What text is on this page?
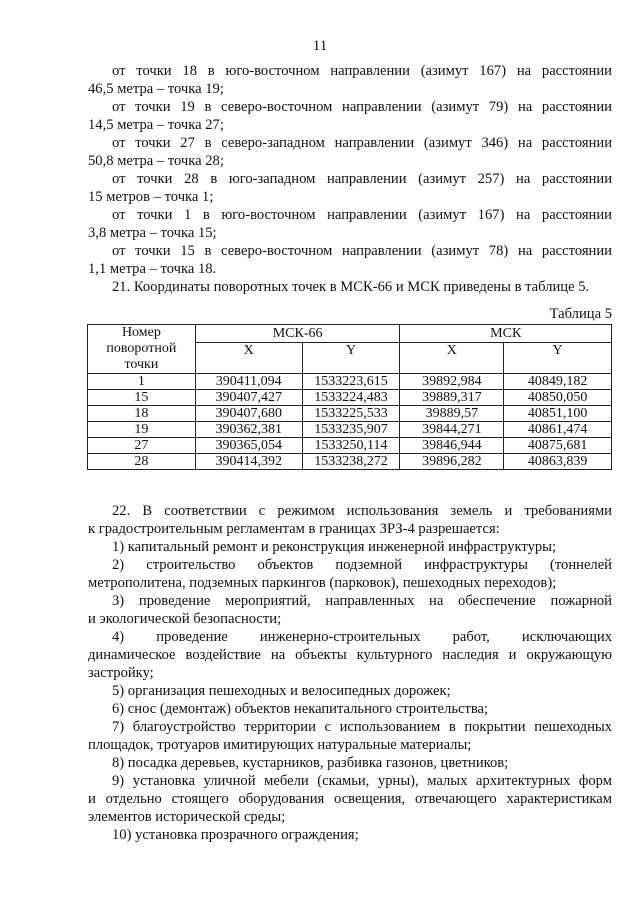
11
от точки 18 в юго-восточном направлении (азимут 167) на расстоянии
46,5 метра – точка 19;
от точки 19 в северо-восточном направлении (азимут 79) на расстоянии
14,5 метра – точка 27;
от точки 27 в северо-западном направлении (азимут 346) на расстоянии
50,8 метра – точка 28;
от точки 28 в юго-западном направлении (азимут 257) на расстоянии
15 метров – точка 1;
от точки 1 в юго-восточном направлении (азимут 167) на расстоянии
3,8 метра – точка 15;
от точки 15 в северо-восточном направлении (азимут 78) на расстоянии
1,1 метра – точка 18.
21. Координаты поворотных точек в МСК-66 и МСК приведены в таблице 5.
Таблица 5
Номер
поворотной
точки	МСК-66		МСК	
	X	Y	X	Y
1	390411,094	1533223,615	39892,984	40849,182
15	390407,427	1533224,483	39889,317	40850,050
18	390407,680	1533225,533	39889,57	40851,100
19	390362,381	1533235,907	39844,271	40861,474
27	390365,054	1533250,114	39846,944	40875,681
28	390414,392	1533238,272	39896,282	40863,839
22. В соответствии с режимом использования земель и требованиями
к градостроительным регламентам в границах ЗРЗ-4 разрешается:
1) капитальный ремонт и реконструкция инженерной инфраструктуры;
2) строительство объектов подземной инфраструктуры (тоннелей
метрополитена, подземных паркингов (парковок), пешеходных переходов);
3) проведение мероприятий, направленных на обеспечение пожарной
и экологической безопасности;
4) проведение инженерно-строительных работ, исключающих
динамическое воздействие на объекты культурного наследия и окружающую
застройку;
5) организация пешеходных и велосипедных дорожек;
6) снос (демонтаж) объектов некапитального строительства;
7) благоустройство территории с использованием в покрытии пешеходных
площадок, тротуаров имитирующих натуральные материалы;
8) посадка деревьев, кустарников, разбивка газонов, цветников;
9) установка уличной мебели (скамьи, урны), малых архитектурных форм
и отдельно стоящего оборудования освещения, отвечающего характеристикам
элементов исторической среды;
10) установка прозрачного ограждения;
